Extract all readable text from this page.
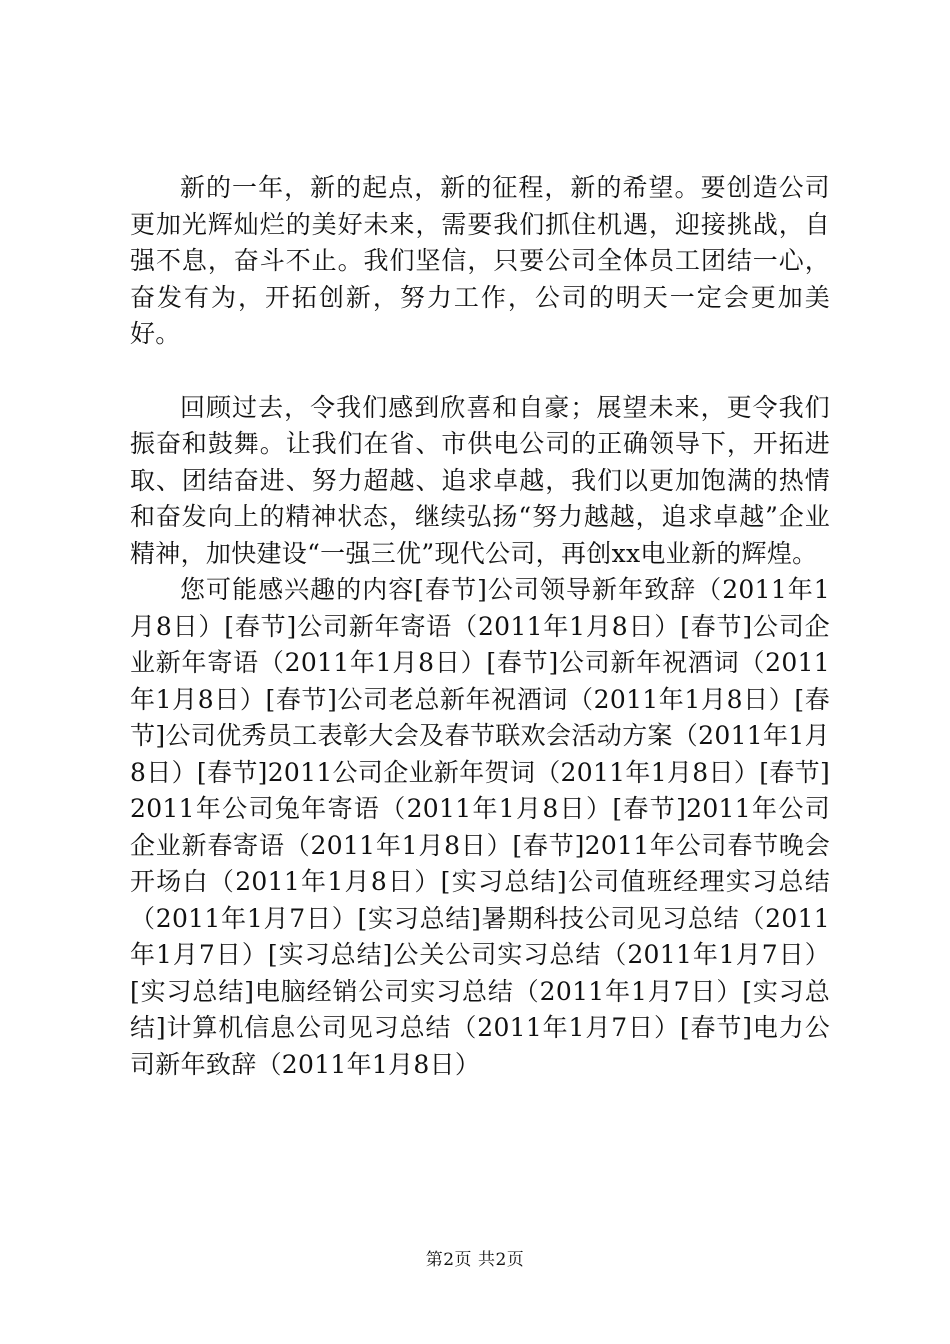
新的一年，新的起点，新的征程，新的希望。要创造公司更加光辉灿烂的美好未来，需要我们抓住机遇，迎接挑战，自强不息，奋斗不止。我们坚信，只要公司全体员工团结一心，奋发有为，开拓创新，努力工作，公司的明天一定会更加美好。

回顾过去，令我们感到欣喜和自豪；展望未来，更令我们振奋和鼓舞。让我们在省、市供电公司的正确领导下，开拓进取、团结奋进、努力超越、追求卓越，我们以更加饱满的热情和奋发向上的精神状态，继续弘扬“努力越越，追求卓越”企业精神，加快建设“一强三优”现代公司，再创xx电业新的辉煌。

您可能感兴趣的内容[春节]公司领导新年致辞（2011年1月8日）[春节]公司新年寄语（2011年1月8日）[春节]公司企业新年寄语（2011年1月8日）[春节]公司新年祝酒词（2011年1月8日）[春节]公司老总新年祝酒词（2011年1月8日）[春节]公司优秀员工表彰大会及春节联欢会活动方案（2011年1月8日）[春节]2011公司企业新年贺词（2011年1月8日）[春节]2011年公司兔年寄语（2011年1月8日）[春节]2011年公司企业新春寄语（2011年1月8日）[春节]2011年公司春节晚会开场白（2011年1月8日）[实习总结]公司值班经理实习总结（2011年1月7日）[实习总结]暑期科技公司见习总结（2011年1月7日）[实习总结]公关公司实习总结（2011年1月7日）[实习总结]电脑经销公司实习总结（2011年1月7日）[实习总结]计算机信息公司见习总结（2011年1月7日）[春节]电力公司新年致辞（2011年1月8日）

第2页 共2页
